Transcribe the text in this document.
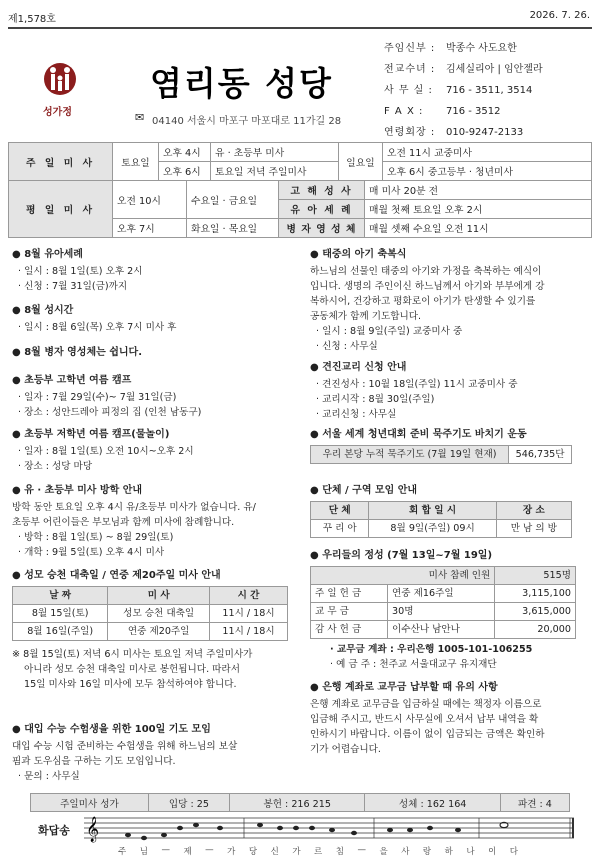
제1,578호	2026. 7. 26.
성가정
염리동 성당
✉ 04140 서울시 마포구 마포대로 11가길 28
주임신부 : 박종수 사도요한
전교수녀 : 김세실리아 | 임안젤라
사 무 실 : 716 - 3511, 3514
F A X : 716 - 3512
연령회장 : 010-9247-2133
주 일 미 사	토요일	오후 4시	유 · 초등부 미사	일요일	오전 11시 교중미사
		오후 6시	토요일 저녁 주일미사		오후 6시 중고등부 · 청년미사
평 일 미 사	오전 10시	수요일 · 금요일	고 해 성 사	매 미사 20분 전
			유 아 세 례	매월 첫째 토요일 오후 2시
	오후 7시	화요일 · 목요일	병 자 영 성 체	매월 셋째 수요일 오전 11시
● 8월 유아세례
· 일시 : 8월 1일(토) 오후 2시
· 신청 : 7월 31일(금)까지
● 8월 성시간
· 일시 : 8월 6일(목) 오후 7시 미사 후
● 8월 병자 영성체는 쉽니다.
● 초등부 고학년 여름 캠프
· 일자 : 7월 29일(수)~ 7월 31일(금)
· 장소 : 성안드레아 피정의 집 (인천 남동구)
● 초등부 저학년 여름 캠프(물놀이)
· 일자 : 8월 1일(토) 오전 10시~오후 2시
· 장소 : 성당 마당
● 유 · 초등부 미사 방학 안내
방학 동안 토요일 오후 4시 유/초등부 미사가 없습니다. 유/
초등부 어린이들은 부모님과 함께 미사에 참례합니다.
· 방학 : 8월 1일(토) ~ 8월 29일(토)
· 개학 : 9월 5일(토) 오후 4시 미사
● 성모 승천 대축일 / 연중 제20주일 미사 안내
날 짜	미 사	시 간
8월 15일(토)	성모 승천 대축일	11시 / 18시
8월 16일(주일)	연중 제20주일	11시 / 18시
※ 8월 15일(토) 저녁 6시 미사는 토요일 저녁 주일미사가
아니라 성모 승천 대축일 미사로 봉헌됩니다. 따라서
15일 미사와 16일 미사에 모두 참석하여야 합니다.
● 대입 수능 수험생을 위한 100일 기도 모임
대입 수능 시험 준비하는 수험생을 위해 하느님의 보살
핌과 도우심을 구하는 기도 모임입니다.
· 문의 : 사무실
● 태중의 아기 축복식
하느님의 선물인 태중의 아기와 가정을 축복하는 예식이
입니다. 생명의 주인이신 하느님께서 아기와 부부에게 강
복하시어, 건강하고 평화로이 아기가 탄생할 수 있기를
공동체가 함께 기도합니다.
· 일시 : 8월 9일(주일) 교중미사 중
· 신청 : 사무실
● 견진교리 신청 안내
· 견진성사 : 10월 18일(주일) 11시 교중미사 중
· 교리시작 : 8월 30일(주일)
· 교리신청 : 사무실
● 서울 세계 청년대회 준비 묵주기도 바치기 운동
우리 본당 누적 묵주기도 (7월 19일 현재)	546,735단
● 단체 / 구역 모임 안내
단 체	회 합 일 시	장 소
꾸 리 아	8월 9일(주일) 09시	만 남 의 방
● 우리들의 정성 (7월 13일~7월 19일)
미사 참례 인원		515명
주 일 헌 금	연중 제16주일	3,115,100
교 무 금	30명	3,615,000
감 사 헌 금	이수산나 남안나	20,000
· 교무금 계좌 : 우리은행 1005-101-106255
· 예 금 주 : 천주교 서울대교구 유지재단
● 은행 계좌로 교무금 납부할 때 유의 사항
은행 계좌로 교무금을 입금하실 때에는 책정자 이름으로
입금해 주시고, 반드시 사무실에 오셔서 납부 내역을 확
인하시기 바랍니다. 이름이 없이 입금되는 금액은 확인하
기가 어렵습니다.
주일미사 성가	입당 : 25	봉헌 : 216 215	성체 : 162 164	파견 : 4
화답송 𝄞
주 님 — 제 — 가 당 신 가 르 침 — 을 사 랑 하 나 이 다
